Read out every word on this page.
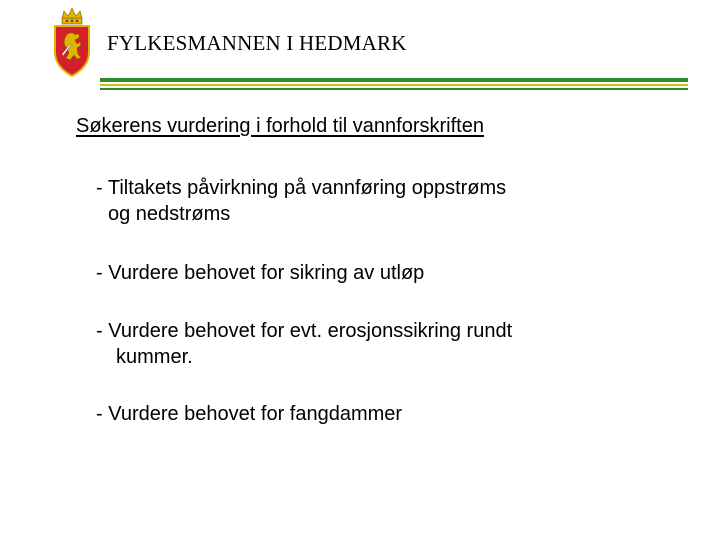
FYLKESMANNEN I HEDMARK
Søkerens vurdering i forhold til vannforskriften
- Tiltakets påvirkning på vannføring oppstrøms
og nedstrøms
- Vurdere behovet for sikring av utløp
- Vurdere behovet for evt. erosjonssikring rundt
kummer.
- Vurdere behovet for fangdammer
